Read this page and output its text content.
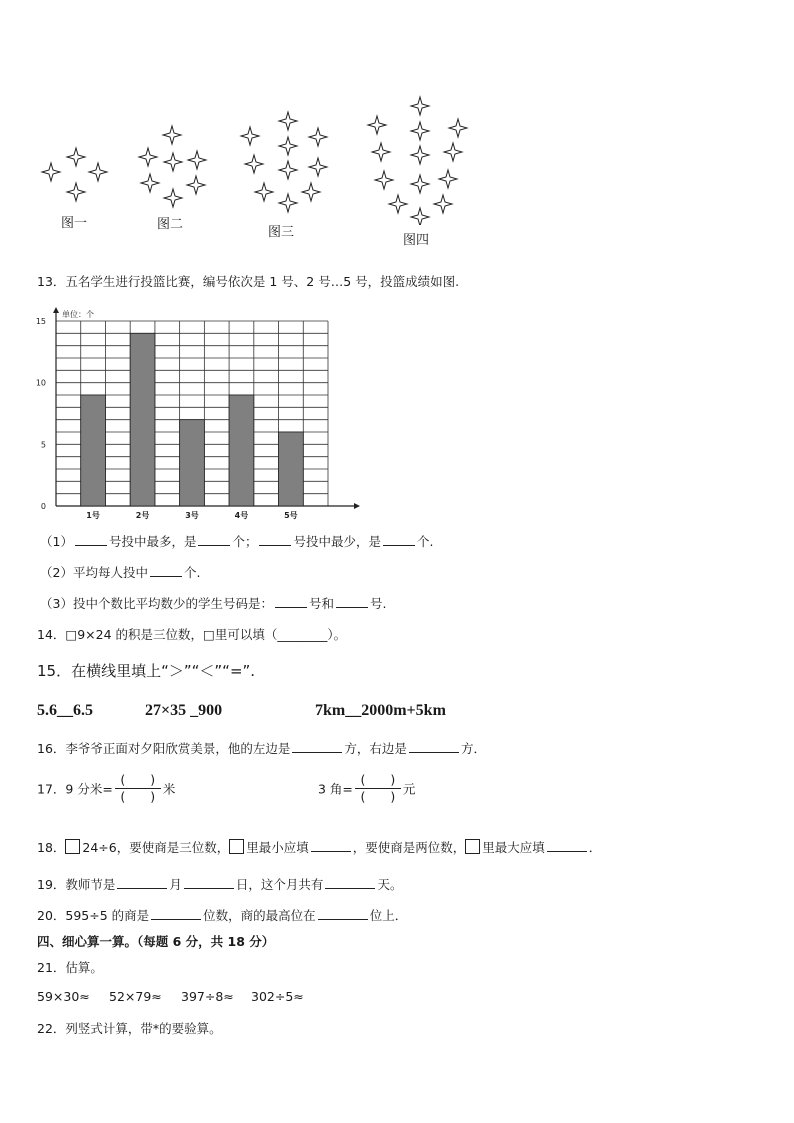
图一	图二
图三
图四
13．五名学生进行投篮比赛，编号依次是 1 号、2 号…5 号，投篮成绩如图.
单位：个
0
5
10
15
1号	2号	3号	4号	5号
（1）	号投中最多，是	个；	号投中最少，是	个.
（2）平均每人投中	个.
（3）投中个数比平均数少的学生号码是：	号和	号.
14．□9×24 的积是三位数，□里可以填（________）。
15．在横线里填上“＞”“＜”“=”.
5.6__6.5	27×35 _900	7km__2000m+5km
16．李爷爷正面对夕阳欣赏美景，他的左边是	方，右边是	方．
17．9 分米= $\frac{( )}{( )}$ 米	3 角= $\frac{( )}{( )}$ 元
18． 24÷6，要使商是三位数， 里最小应填	，要使商是两位数， 里最大应填	．
19．教师节是	月	日，这个月共有	天。
20．595÷5 的商是	位数，商的最高位在	位上．
四、细心算一算。（每题 6 分，共 18 分）
21．估算。
59×30≈ 52×79≈ 397÷8≈ 302÷5≈
22．列竖式计算，带*的要验算。
